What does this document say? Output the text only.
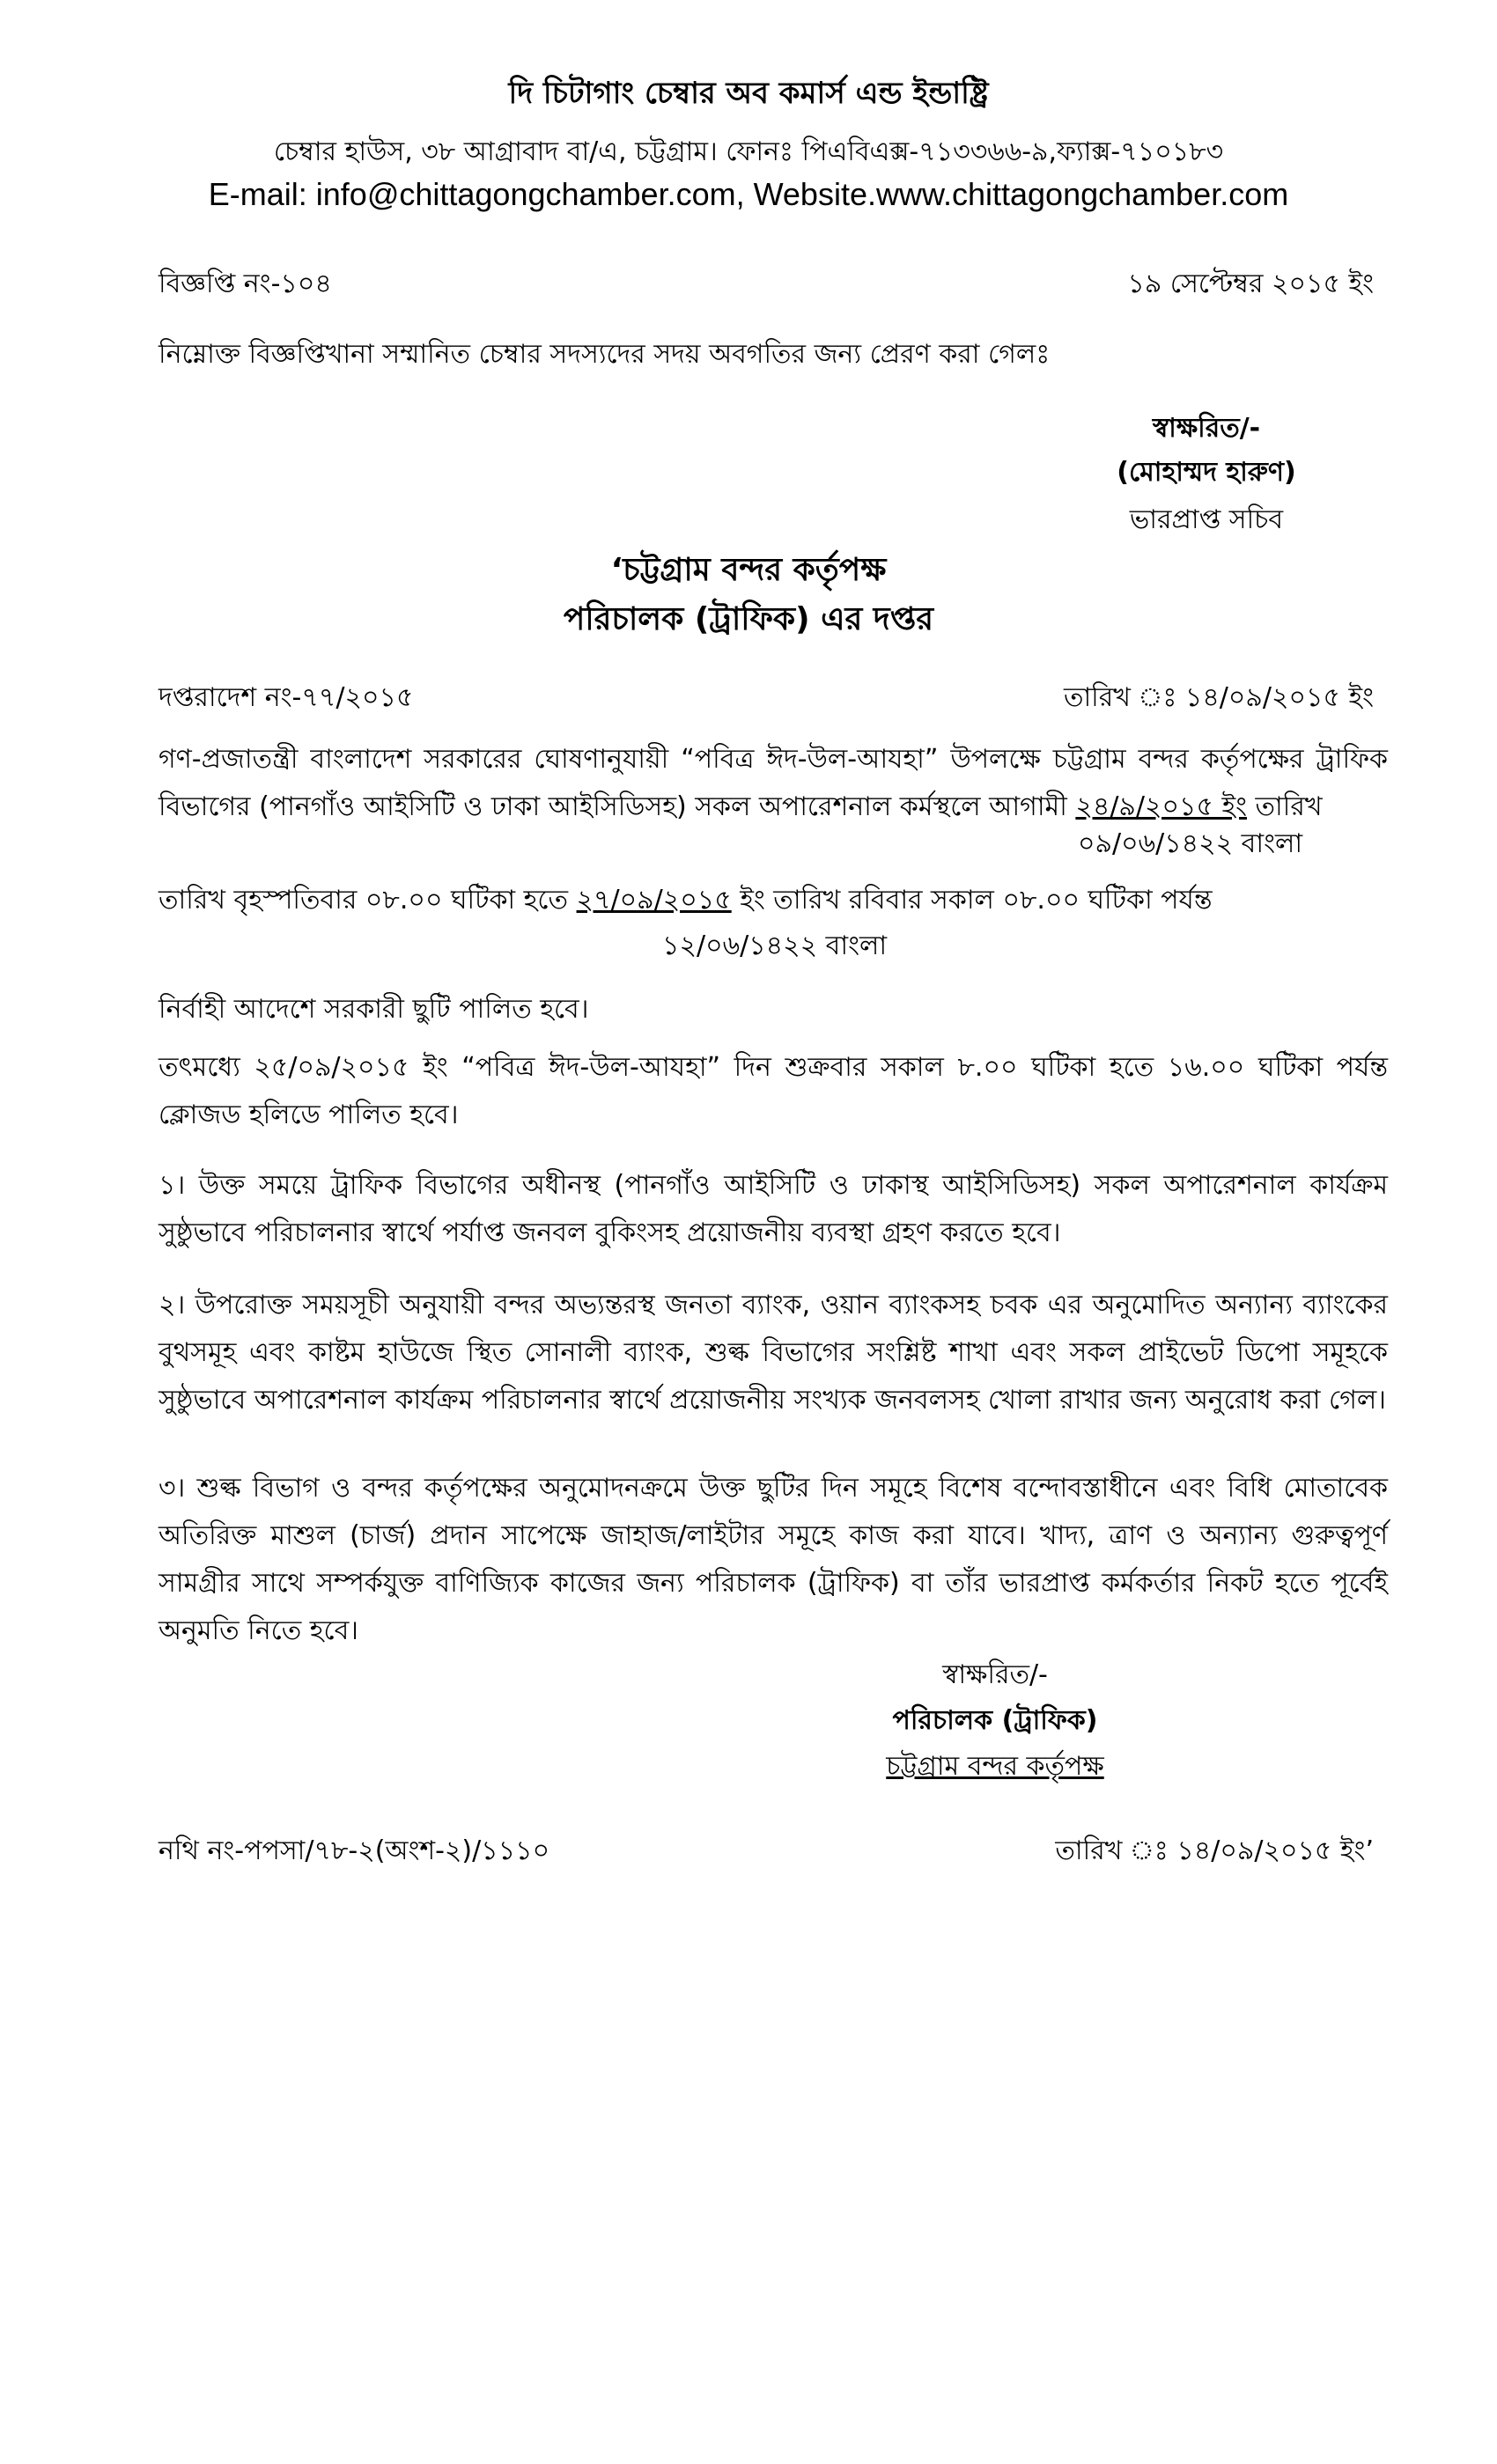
দি চিটাগাং চেম্বার অব কমার্স এন্ড ইন্ডাষ্ট্রি
চেম্বার হাউস, ৩৮ আগ্রাবাদ বা/এ, চট্টগ্রাম। ফোনঃ পিএবিএক্স-৭১৩৩৬৬-৯,ফ্যাক্স-৭১০১৮৩
E-mail: info@chittagongchamber.com, Website.www.chittagongchamber.com
বিজ্ঞপ্তি নং-১০৪	১৯ সেপ্টেম্বর ২০১৫ ইং
নিম্নোক্ত বিজ্ঞপ্তিখানা সম্মানিত চেম্বার সদস্যদের সদয় অবগতির জন্য প্রেরণ করা গেলঃ
স্বাক্ষরিত/-
(মোহাম্মদ হারুণ)
ভারপ্রাপ্ত সচিব
‘চট্টগ্রাম বন্দর কর্তৃপক্ষ
পরিচালক (ট্রাফিক) এর দপ্তর
দপ্তরাদেশ নং-৭৭/২০১৫	তারিখ ঃ ১৪/০৯/২০১৫ ইং
গণ-প্রজাতন্ত্রী বাংলাদেশ সরকারের ঘোষণানুযায়ী “পবিত্র ঈদ-উল-আযহা” উপলক্ষে চট্টগ্রাম বন্দর কর্তৃপক্ষের ট্রাফিক বিভাগের (পানগাঁও আইসিটি ও ঢাকা আইসিডিসহ) সকল অপারেশনাল কর্মস্থলে আগামী ২৪/৯/২০১৫ ইং তারিখ
০৯/০৬/১৪২২ বাংলা
তারিখ বৃহস্পতিবার ০৮.০০ ঘটিকা হতে ২৭/০৯/২০১৫ ইং তারিখ রবিবার সকাল ০৮.০০ ঘটিকা পর্যন্ত
১২/০৬/১৪২২ বাংলা
নির্বাহী আদেশে সরকারী ছুটি পালিত হবে।
তৎমধ্যে ২৫/০৯/২০১৫ ইং “পবিত্র ঈদ-উল-আযহা” দিন শুক্রবার সকাল ৮.০০ ঘটিকা হতে ১৬.০০ ঘটিকা পর্যন্ত ক্লোজড হলিডে পালিত হবে।
১। উক্ত সময়ে ট্রাফিক বিভাগের অধীনস্থ (পানগাঁও আইসিটি ও ঢাকাস্থ আইসিডিসহ) সকল অপারেশনাল কার্যক্রম সুষ্ঠুভাবে পরিচালনার স্বার্থে পর্যাপ্ত জনবল বুকিংসহ প্রয়োজনীয় ব্যবস্থা গ্রহণ করতে হবে।
২। উপরোক্ত সময়সূচী অনুযায়ী বন্দর অভ্যন্তরস্থ জনতা ব্যাংক, ওয়ান ব্যাংকসহ চবক এর অনুমোদিত অন্যান্য ব্যাংকের বুথসমূহ এবং কাষ্টম হাউজে স্থিত সোনালী ব্যাংক, শুল্ক বিভাগের সংশ্লিষ্ট শাখা এবং সকল প্রাইভেট ডিপো সমূহকে সুষ্ঠুভাবে অপারেশনাল কার্যক্রম পরিচালনার স্বার্থে প্রয়োজনীয় সংখ্যক জনবলসহ খোলা রাখার জন্য অনুরোধ করা গেল।
৩। শুল্ক বিভাগ ও বন্দর কর্তৃপক্ষের অনুমোদনক্রমে উক্ত ছুটির দিন সমূহে বিশেষ বন্দোবস্তাধীনে এবং বিধি মোতাবেক অতিরিক্ত মাশুল (চার্জ) প্রদান সাপেক্ষে জাহাজ/লাইটার সমূহে কাজ করা যাবে। খাদ্য, ত্রাণ ও অন্যান্য গুরুত্বপূর্ণ সামগ্রীর সাথে সম্পর্কযুক্ত বাণিজ্যিক কাজের জন্য পরিচালক (ট্রাফিক) বা তাঁর ভারপ্রাপ্ত কর্মকর্তার নিকট হতে পূর্বেই অনুমতি নিতে হবে।
স্বাক্ষরিত/-
পরিচালক (ট্রাফিক)
চট্টগ্রাম বন্দর কর্তৃপক্ষ
নথি নং-পপসা/৭৮-২(অংশ-২)/১১১০	তারিখ ঃ ১৪/০৯/২০১৫ ইং’
